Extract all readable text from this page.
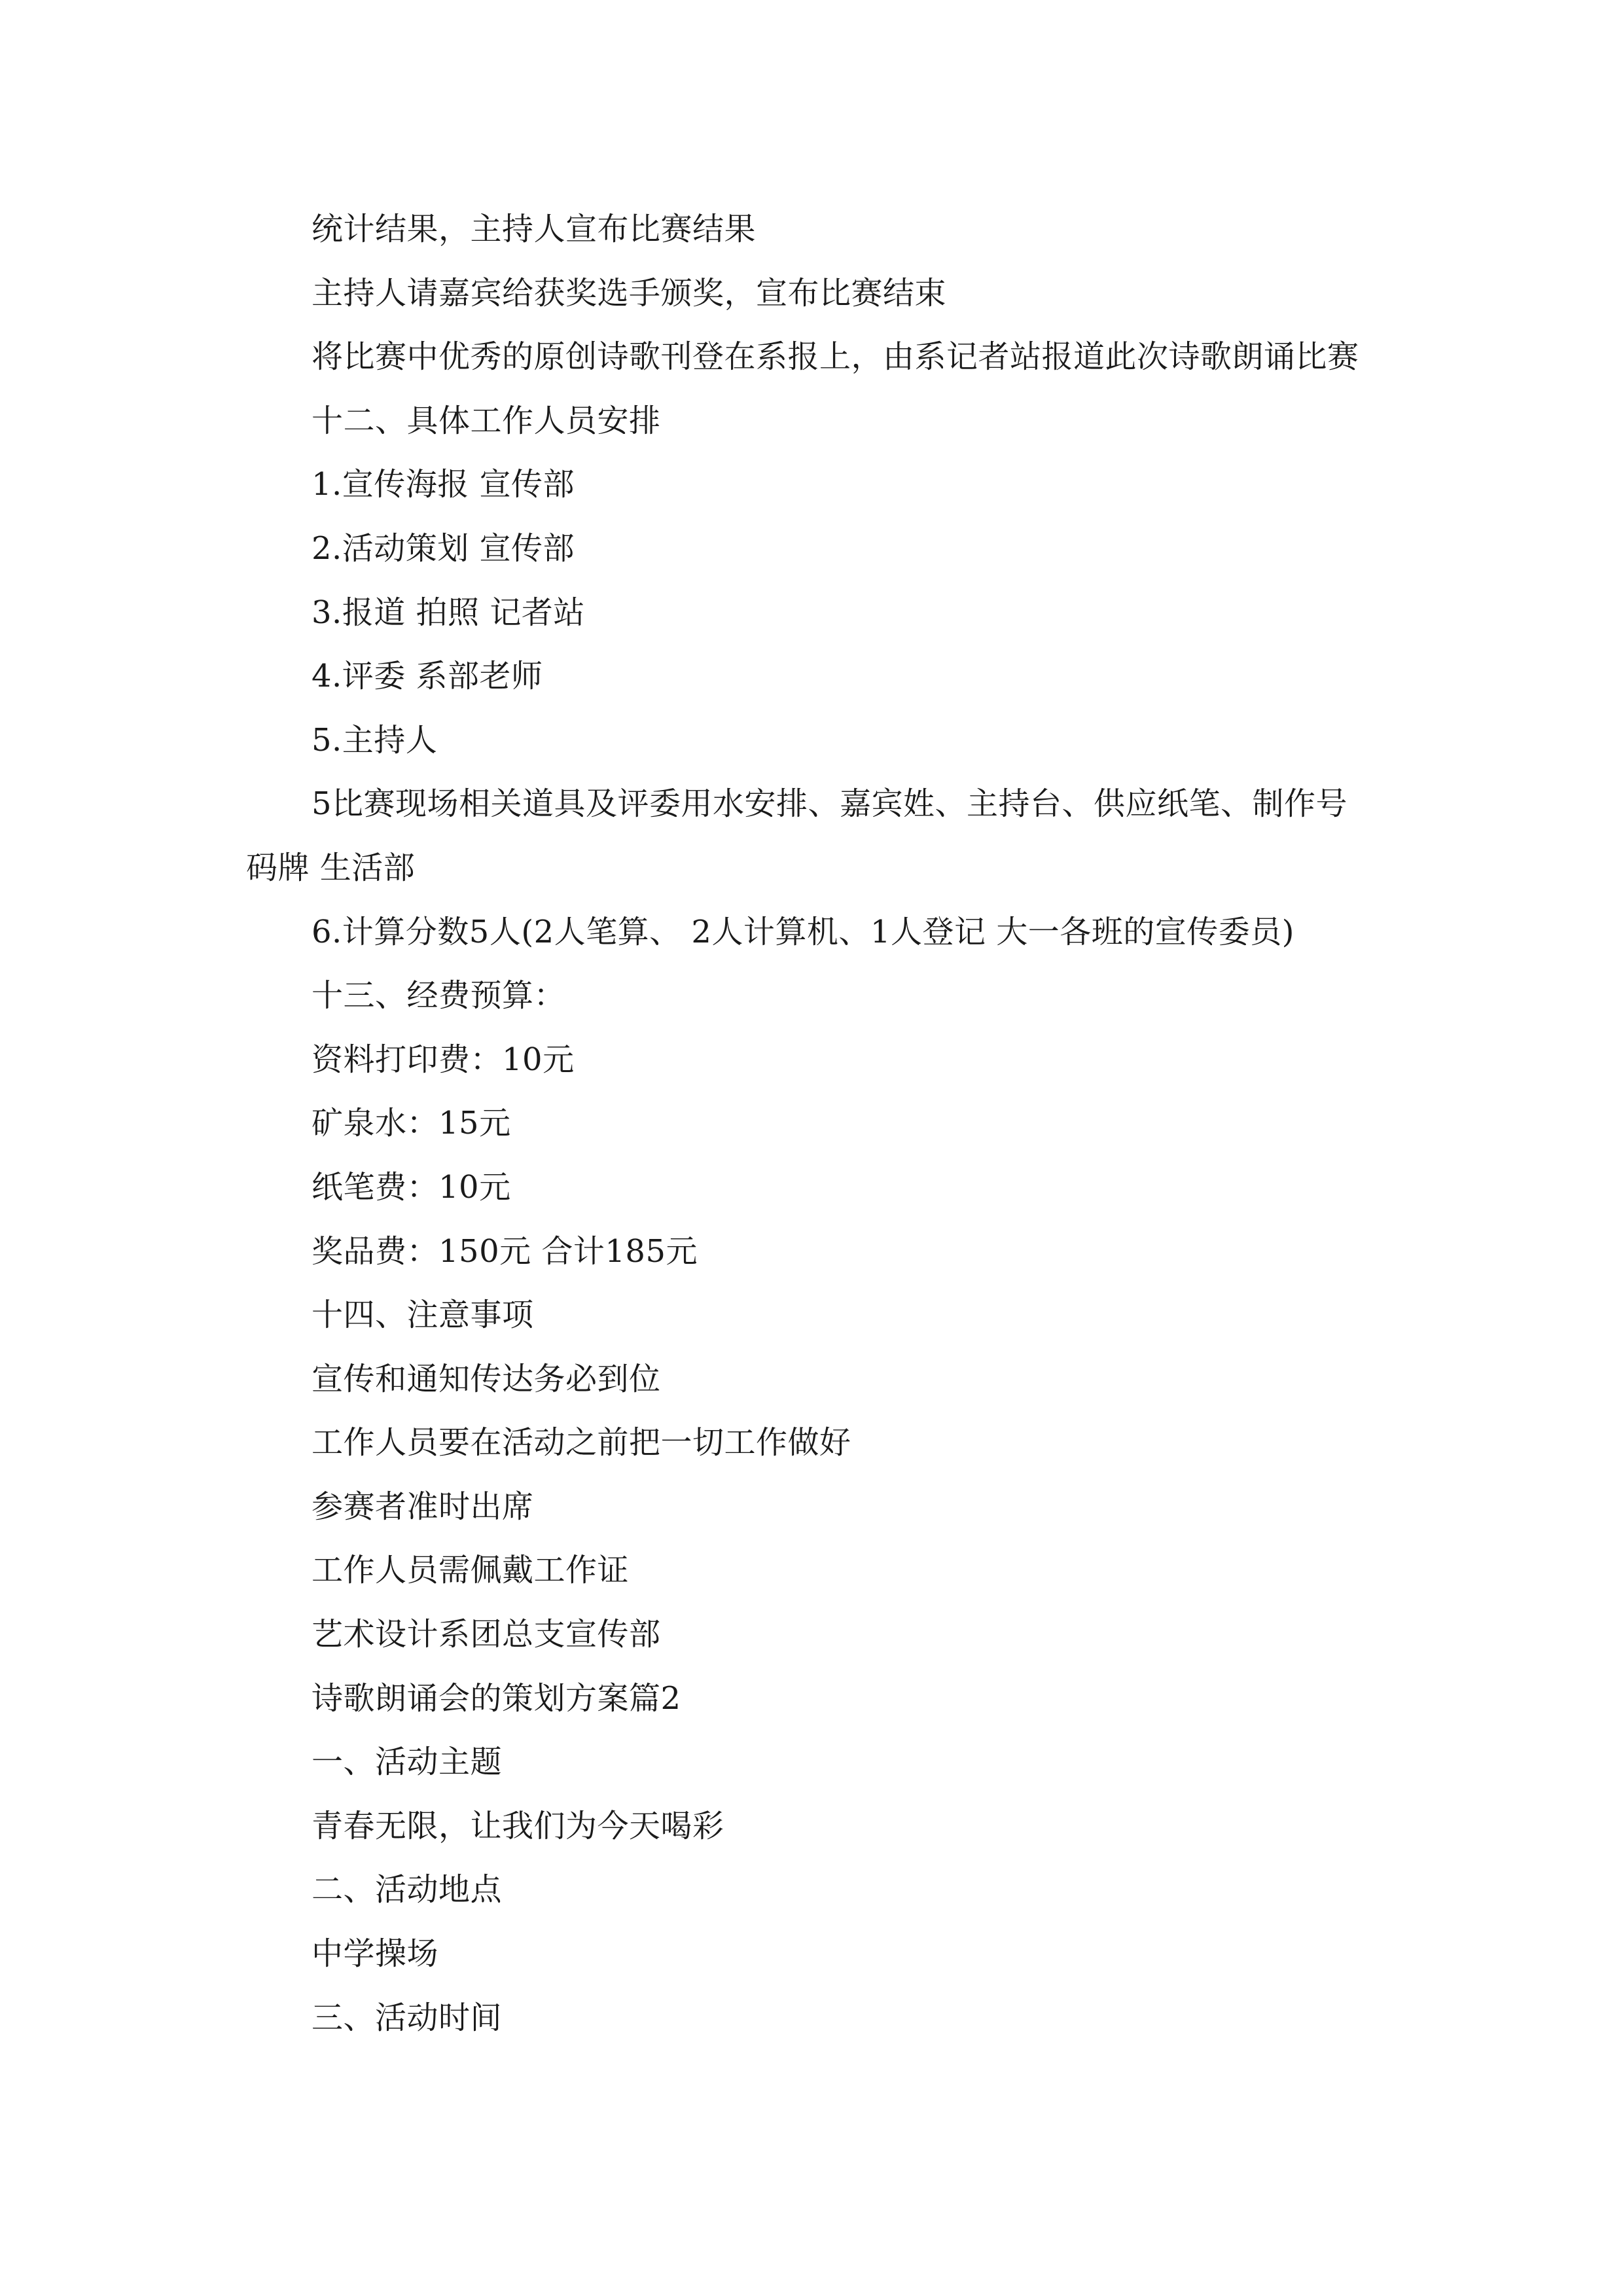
统计结果，主持人宣布比赛结果

主持人请嘉宾给获奖选手颁奖，宣布比赛结束

将比赛中优秀的原创诗歌刊登在系报上，由系记者站报道此次诗歌朗诵比赛

十二、具体工作人员安排

1.宣传海报 宣传部

2.活动策划 宣传部

3.报道 拍照 记者站

4.评委 系部老师

5.主持人

5比赛现场相关道具及评委用水安排、嘉宾姓、主持台、供应纸笔、制作号码牌 生活部

6.计算分数5人(2人笔算、 2人计算机、1人登记 大一各班的宣传委员)

十三、经费预算：

资料打印费：10元

矿泉水：15元

纸笔费：10元

奖品费：150元 合计185元

十四、注意事项

宣传和通知传达务必到位

工作人员要在活动之前把一切工作做好

参赛者准时出席

工作人员需佩戴工作证

艺术设计系团总支宣传部

诗歌朗诵会的策划方案篇2

一、活动主题

青春无限，让我们为今天喝彩

二、活动地点

中学操场

三、活动时间
